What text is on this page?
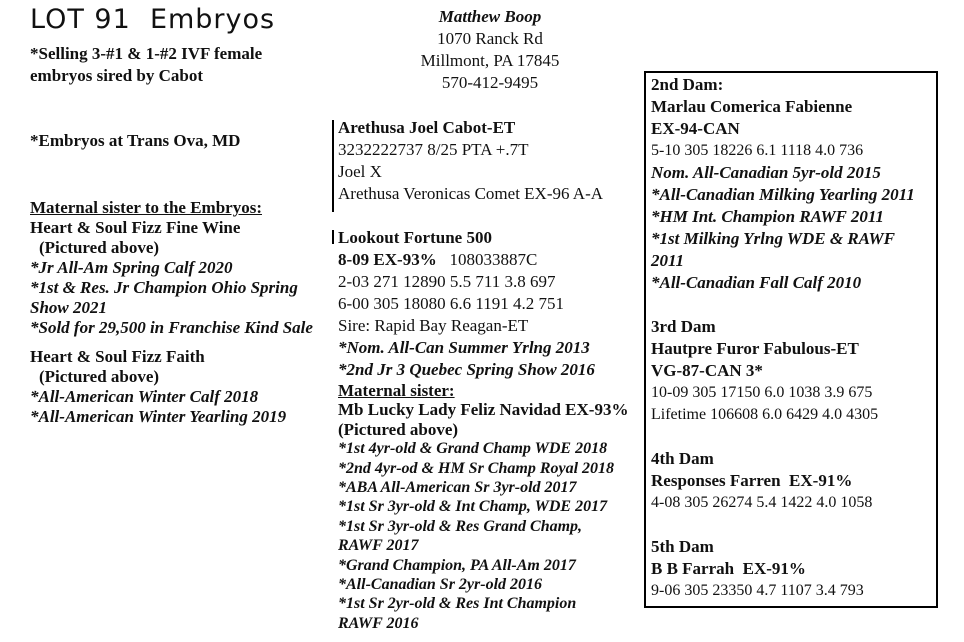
LOT 91 Embryos	Matthew Boop
1070 Ranck Rd
Millmont, PA 17845
570-412-9495
*Selling 3-#1 & 1-#2 IVF female
embryos sired by Cabot
*Embryos at Trans Ova, MD
Maternal sister to the Embryos:
Heart & Soul Fizz Fine Wine
(Pictured above)
*Jr All-Am Spring Calf 2020
*1st & Res. Jr Champion Ohio Spring
Show 2021
*Sold for 29,500 in Franchise Kind Sale
Heart & Soul Fizz Faith
(Pictured above)
*All-American Winter Calf 2018
*All-American Winter Yearling 2019
Arethusa Joel Cabot-ET
3232222737 8/25 PTA +.7T
Joel X
Arethusa Veronicas Comet EX-96 A-A
Lookout Fortune 500
8-09 EX-93%   108033887C
2-03 271 12890 5.5 711 3.8 697
6-00 305 18080 6.6 1191 4.2 751
Sire: Rapid Bay Reagan-ET
*Nom. All-Can Summer Yrlng 2013
*2nd Jr 3 Quebec Spring Show 2016
Maternal sister:
Mb Lucky Lady Feliz Navidad EX-93%
(Pictured above)
*1st 4yr-old & Grand Champ WDE 2018
*2nd 4yr-od & HM Sr Champ Royal 2018
*ABA All-American Sr 3yr-old 2017
*1st Sr 3yr-old & Int Champ, WDE 2017
*1st Sr 3yr-old & Res Grand Champ,
RAWF 2017
*Grand Champion, PA All-Am 2017
*All-Canadian Sr 2yr-old 2016
*1st Sr 2yr-old & Res Int Champion
RAWF 2016
2nd Dam:
Marlau Comerica Fabienne
EX-94-CAN
5-10 305 18226 6.1 1118 4.0 736
Nom. All-Canadian 5yr-old 2015
*All-Canadian Milking Yearling 2011
*HM Int. Champion RAWF 2011
*1st Milking Yrlng WDE & RAWF
2011
*All-Canadian Fall Calf 2010
3rd Dam
Hautpre Furor Fabulous-ET
VG-87-CAN 3*
10-09 305 17150 6.0 1038 3.9 675
Lifetime 106608 6.0 6429 4.0 4305
4th Dam
Responses Farren  EX-91%
4-08 305 26274 5.4 1422 4.0 1058
5th Dam
B B Farrah  EX-91%
9-06 305 23350 4.7 1107 3.4 793
